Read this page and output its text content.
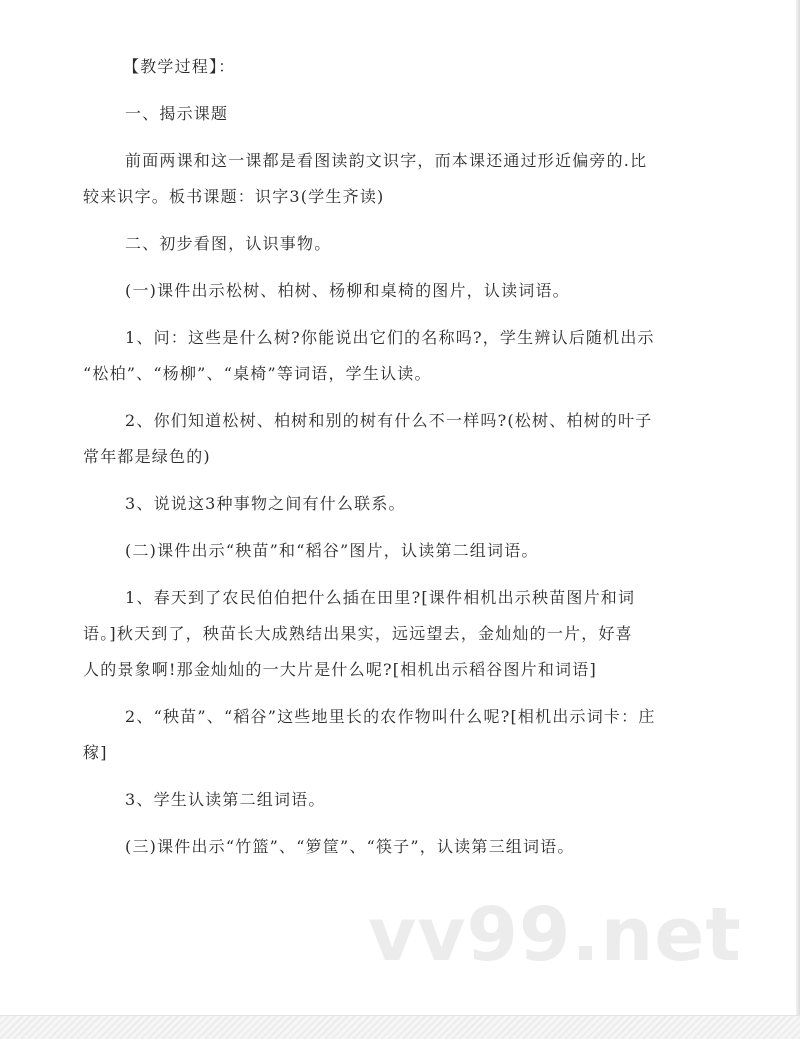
【教学过程】：
一、揭示课题
前面两课和这一课都是看图读韵文识字，而本课还通过形近偏旁的.比
较来识字。板书课题：识字3(学生齐读)
二、初步看图，认识事物。
(一)课件出示松树、柏树、杨柳和桌椅的图片，认读词语。
1、问：这些是什么树?你能说出它们的名称吗?，学生辨认后随机出示
“松柏”、“杨柳”、“桌椅”等词语，学生认读。
2、你们知道松树、柏树和别的树有什么不一样吗?(松树、柏树的叶子
常年都是绿色的)
3、说说这3种事物之间有什么联系。
(二)课件出示“秧苗”和“稻谷”图片，认读第二组词语。
1、春天到了农民伯伯把什么插在田里?[课件相机出示秧苗图片和词
语。]秋天到了，秧苗长大成熟结出果实，远远望去，金灿灿的一片，好喜
人的景象啊!那金灿灿的一大片是什么呢?[相机出示稻谷图片和词语]
2、“秧苗”、“稻谷”这些地里长的农作物叫什么呢?[相机出示词卡：庄
稼]
3、学生认读第二组词语。
(三)课件出示“竹篮”、“箩筐”、“筷子”，认读第三组词语。
vv99.net
